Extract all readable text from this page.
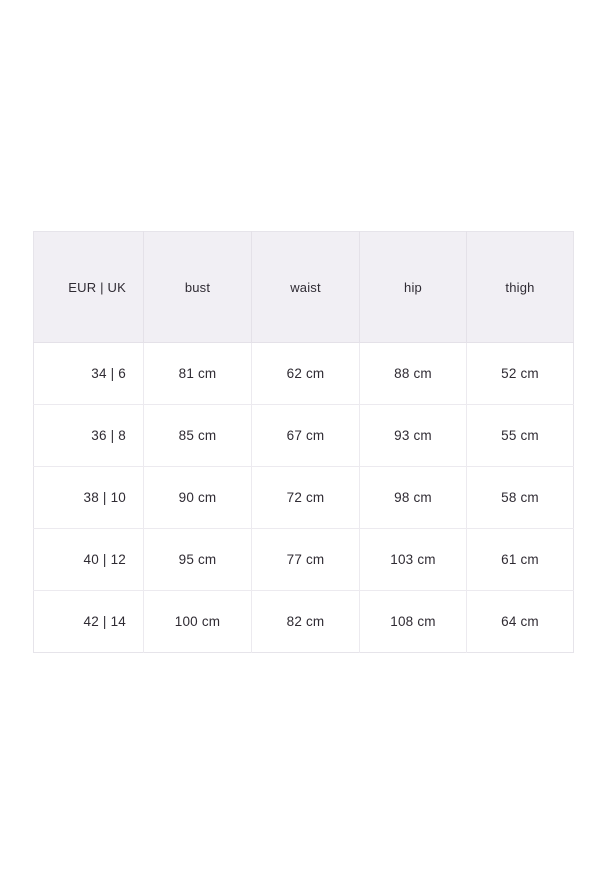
EUR | UK	bust	waist	hip	thigh
34 | 6	81 cm	62 cm	88 cm	52 cm
36 | 8	85 cm	67 cm	93 cm	55 cm
38 | 10	90 cm	72 cm	98 cm	58 cm
40 | 12	95 cm	77 cm	103 cm	61 cm
42 | 14	100 cm	82 cm	108 cm	64 cm
